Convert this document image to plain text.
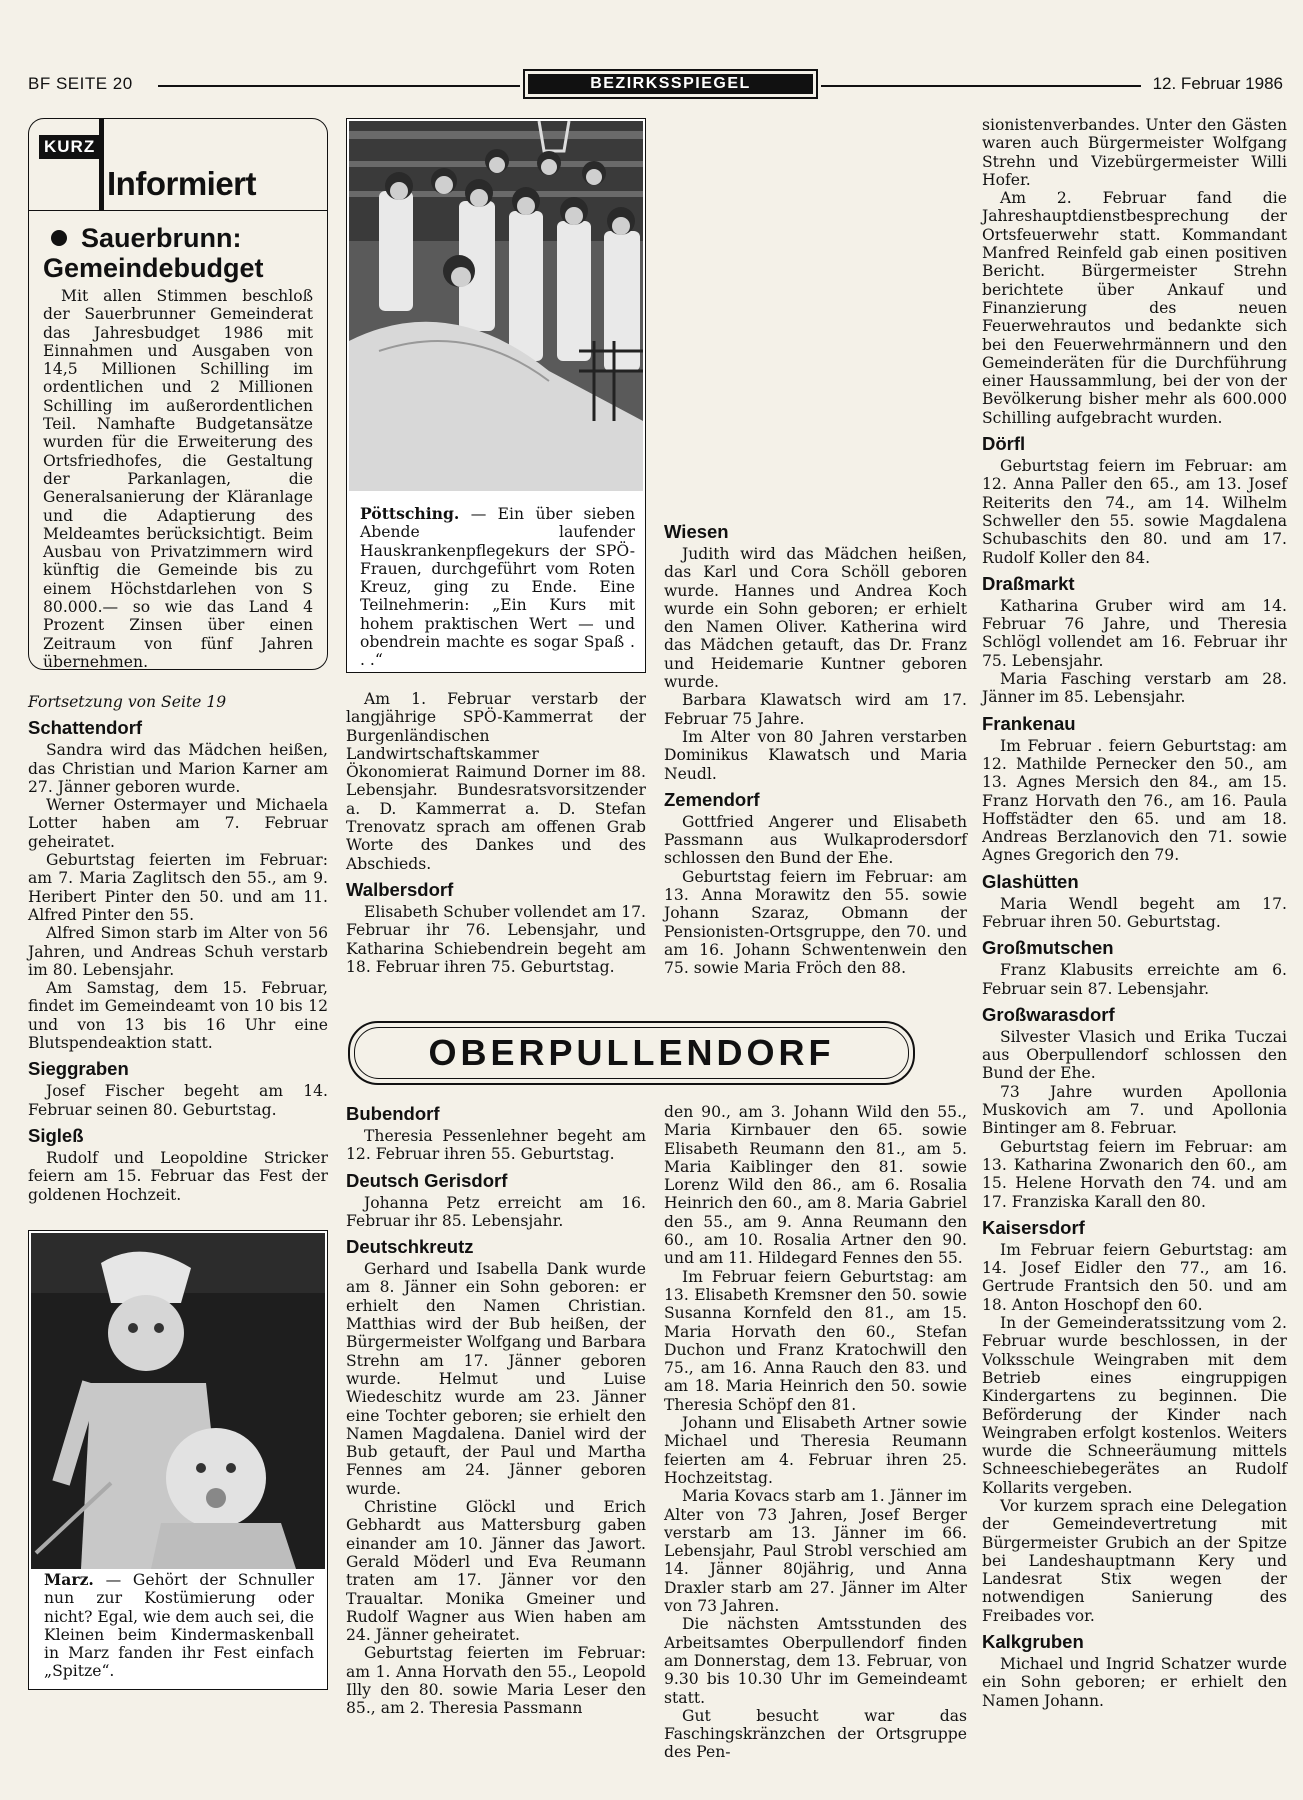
BF SEITE 20	BEZIRKSSPIEGEL	12. Februar 1986
KURZ
Informiert
Sauerbrunn: Gemeindebudget

Mit allen Stimmen beschloß der Sauerbrunner Gemeinderat das Jahresbudget 1986 mit Einnahmen und Ausgaben von 14,5 Millionen Schilling im ordentlichen und 2 Millionen Schilling im außerordentlichen Teil. Namhafte Budgetansätze wurden für die Erweiterung des Ortsfriedhofes, die Gestaltung der Parkanlagen, die Generalsanierung der Kläranlage und die Adaptierung des Meldeamtes berücksichtigt. Beim Ausbau von Privatzimmern wird künftig die Gemeinde bis zu einem Höchstdarlehen von S 80.000.— so wie das Land 4 Prozent Zinsen über einen Zeitraum von fünf Jahren übernehmen.

Pöttsching. — Ein über sieben Abende laufender Hauskrankenpflegekurs der SPÖ-Frauen, durchgeführt vom Roten Kreuz, ging zu Ende. Eine Teilnehmerin: „Ein Kurs mit hohem praktischen Wert — und obendrein machte es sogar Spaß . . .“
Fortsetzung von Seite 19
Schattendorf

Sandra wird das Mädchen heißen, das Christian und Marion Karner am 27. Jänner geboren wurde.

Werner Ostermayer und Michaela Lotter haben am 7. Februar geheiratet.

Geburtstag feierten im Februar: am 7. Maria Zaglitsch den 55., am 9. Heribert Pinter den 50. und am 11. Alfred Pinter den 55.

Alfred Simon starb im Alter von 56 Jahren, und Andreas Schuh verstarb im 80. Lebensjahr.

Am Samstag, dem 15. Februar, findet im Gemeindeamt von 10 bis 12 und von 13 bis 16 Uhr eine Blutspendeaktion statt.

Sieggraben

Josef Fischer begeht am 14. Februar seinen 80. Geburtstag.

Sigleß

Rudolf und Leopoldine Stricker feiern am 15. Februar das Fest der goldenen Hochzeit.

Marz. — Gehört der Schnuller nun zur Kostümierung oder nicht? Egal, wie dem auch sei, die Kleinen beim Kindermaskenball in Marz fanden ihr Fest einfach „Spitze“.

Am 1. Februar verstarb der langjährige SPÖ-Kammerrat der Burgenländischen Landwirtschaftskammer Ökonomierat Raimund Dorner im 88. Lebensjahr. Bundesratsvorsitzender a. D. Kammerrat a. D. Stefan Trenovatz sprach am offenen Grab Worte des Dankes und des Abschieds.

Walbersdorf

Elisabeth Schuber vollendet am 17. Februar ihr 76. Lebensjahr, und Katharina Schiebendrein begeht am 18. Februar ihren 75. Geburtstag.

Wiesen

Judith wird das Mädchen heißen, das Karl und Cora Schöll geboren wurde. Hannes und Andrea Koch wurde ein Sohn geboren; er erhielt den Namen Oliver. Katherina wird das Mädchen getauft, das Dr. Franz und Heidemarie Kuntner geboren wurde.

Barbara Klawatsch wird am 17. Februar 75 Jahre.

Im Alter von 80 Jahren verstarben Dominikus Klawatsch und Maria Neudl.

Zemendorf

Gottfried Angerer und Elisabeth Passmann aus Wulkaprodersdorf schlossen den Bund der Ehe.

Geburtstag feiern im Februar: am 13. Anna Morawitz den 55. sowie Johann Szaraz, Obmann der Pensionisten-Ortsgruppe, den 70. und am 16. Johann Schwentenwein den 75. sowie Maria Fröch den 88.

OBERPULLENDORF
Bubendorf

Theresia Pessenlehner begeht am 12. Februar ihren 55. Geburtstag.

Deutsch Gerisdorf

Johanna Petz erreicht am 16. Februar ihr 85. Lebensjahr.

Deutschkreutz

Gerhard und Isabella Dank wurde am 8. Jänner ein Sohn geboren: er erhielt den Namen Christian. Matthias wird der Bub heißen, der Bürgermeister Wolfgang und Barbara Strehn am 17. Jänner geboren wurde. Helmut und Luise Wiedeschitz wurde am 23. Jänner eine Tochter geboren; sie erhielt den Namen Magdalena. Daniel wird der Bub getauft, der Paul und Martha Fennes am 24. Jänner geboren wurde.

Christine Glöckl und Erich Gebhardt aus Mattersburg gaben einander am 10. Jänner das Jawort. Gerald Möderl und Eva Reumann traten am 17. Jänner vor den Traualtar. Monika Gmeiner und Rudolf Wagner aus Wien haben am 24. Jänner geheiratet.

Geburtstag feierten im Februar: am 1. Anna Horvath den 55., Leopold Illy den 80. sowie Maria Leser den 85., am 2. Theresia Passmann

den 90., am 3. Johann Wild den 55., Maria Kirnbauer den 65. sowie Elisabeth Reumann den 81., am 5. Maria Kaiblinger den 81. sowie Lorenz Wild den 86., am 6. Rosalia Heinrich den 60., am 8. Maria Gabriel den 55., am 9. Anna Reumann den 60., am 10. Rosalia Artner den 90. und am 11. Hildegard Fennes den 55.

Im Februar feiern Geburtstag: am 13. Elisabeth Kremsner den 50. sowie Susanna Kornfeld den 81., am 15. Maria Horvath den 60., Stefan Duchon und Franz Kratochwill den 75., am 16. Anna Rauch den 83. und am 18. Maria Heinrich den 50. sowie Theresia Schöpf den 81.

Johann und Elisabeth Artner sowie Michael und Theresia Reumann feierten am 4. Februar ihren 25. Hochzeitstag.

Maria Kovacs starb am 1. Jänner im Alter von 73 Jahren, Josef Berger verstarb am 13. Jänner im 66. Lebensjahr, Paul Strobl verschied am 14. Jänner 80jährig, und Anna Draxler starb am 27. Jänner im Alter von 73 Jahren.

Die nächsten Amtsstunden des Arbeitsamtes Oberpullendorf finden am Donnerstag, dem 13. Februar, von 9.30 bis 10.30 Uhr im Gemeindeamt statt.

Gut besucht war das Faschingskränzchen der Ortsgruppe des Pen-

sionistenverbandes. Unter den Gästen waren auch Bürgermeister Wolfgang Strehn und Vizebürgermeister Willi Hofer.

Am 2. Februar fand die Jahreshauptdienstbesprechung der Ortsfeuerwehr statt. Kommandant Manfred Reinfeld gab einen positiven Bericht. Bürgermeister Strehn berichtete über Ankauf und Finanzierung des neuen Feuerwehrautos und bedankte sich bei den Feuerwehrmännern und den Gemeinderäten für die Durchführung einer Haussammlung, bei der von der Bevölkerung bisher mehr als 600.000 Schilling aufgebracht wurden.

Dörfl

Geburtstag feiern im Februar: am 12. Anna Paller den 65., am 13. Josef Reiterits den 74., am 14. Wilhelm Schweller den 55. sowie Magdalena Schubaschits den 80. und am 17. Rudolf Koller den 84.

Draßmarkt

Katharina Gruber wird am 14. Februar 76 Jahre, und Theresia Schlögl vollendet am 16. Februar ihr 75. Lebensjahr.

Maria Fasching verstarb am 28. Jänner im 85. Lebensjahr.

Frankenau

Im Februar . feiern Geburtstag: am 12. Mathilde Pernecker den 50., am 13. Agnes Mersich den 84., am 15. Franz Horvath den 76., am 16. Paula Hoffstädter den 65. und am 18. Andreas Berzlanovich den 71. sowie Agnes Gregorich den 79.

Glashütten

Maria Wendl begeht am 17. Februar ihren 50. Geburtstag.

Großmutschen

Franz Klabusits erreichte am 6. Februar sein 87. Lebensjahr.

Großwarasdorf

Silvester Vlasich und Erika Tuczai aus Oberpullendorf schlossen den Bund der Ehe.

73 Jahre wurden Apollonia Muskovich am 7. und Apollonia Bintinger am 8. Februar.

Geburtstag feiern im Februar: am 13. Katharina Zwonarich den 60., am 15. Helene Horvath den 74. und am 17. Franziska Karall den 80.

Kaisersdorf

Im Februar feiern Geburtstag: am 14. Josef Eidler den 77., am 16. Gertrude Frantsich den 50. und am 18. Anton Hoschopf den 60.

In der Gemeinderatssitzung vom 2. Februar wurde beschlossen, in der Volksschule Weingraben mit dem Betrieb eines eingruppigen Kindergartens zu beginnen. Die Beförderung der Kinder nach Weingraben erfolgt kostenlos. Weiters wurde die Schneeräumung mittels Schneeschiebegerätes an Rudolf Kollarits vergeben.

Vor kurzem sprach eine Delegation der Gemeindevertretung mit Bürgermeister Grubich an der Spitze bei Landeshauptmann Kery und Landesrat Stix wegen der notwendigen Sanierung des Freibades vor.

Kalkgruben

Michael und Ingrid Schatzer wurde ein Sohn geboren; er erhielt den Namen Johann.
